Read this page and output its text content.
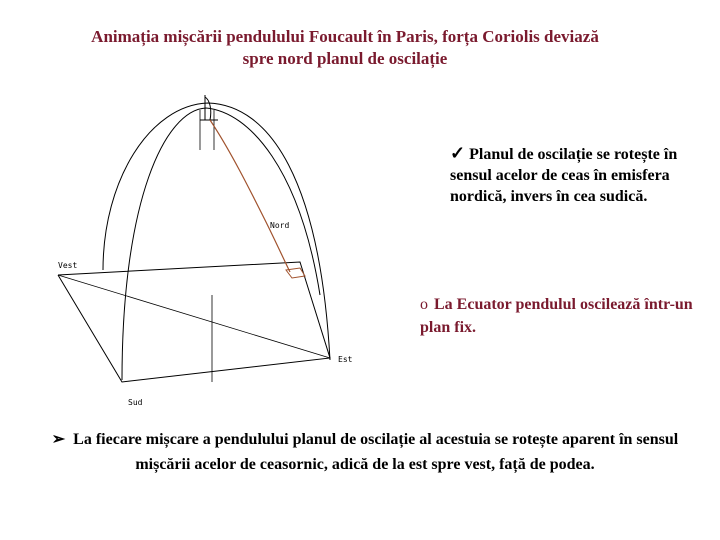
Animația mișcării pendulului Foucault în Paris, forța Coriolis deviază
spre nord planul de oscilație
Nord
Vest
Est
Sud
✓ Planul de oscilație se rotește în sensul acelor de ceas în emisfera nordică, invers în cea sudică.
o La Ecuator pendulul oscilează într-un plan fix.
➢ La fiecare mișcare a pendulului planul de oscilație al acestuia se rotește aparent în sensul mișcării acelor de ceasornic, adică de la est spre vest, față de podea.
